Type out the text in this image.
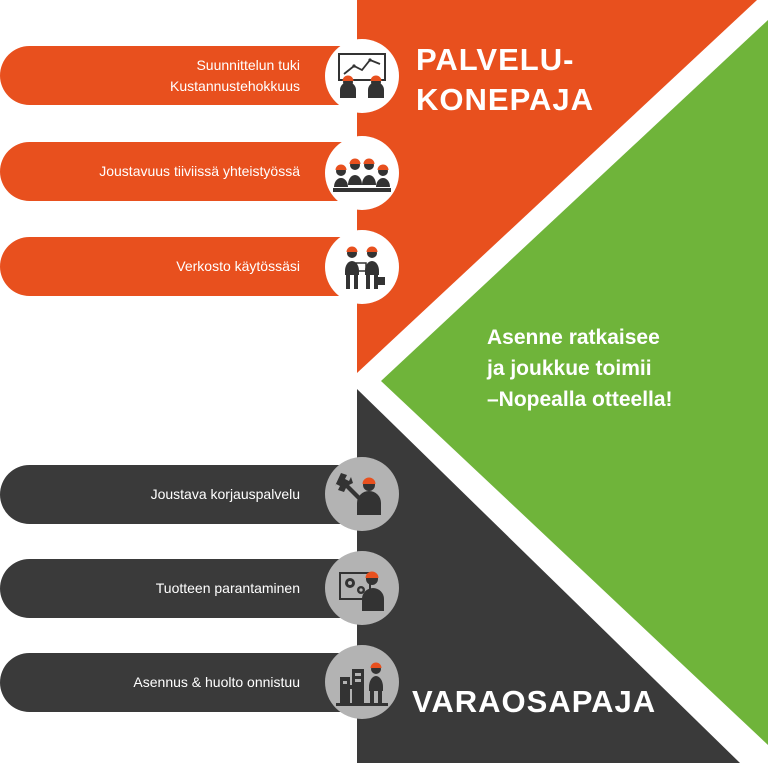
PALVELU-
KONEPAJA
Asenne ratkaisee
ja joukkue toimii
–Nopealla otteella!
VARAOSAPAJA
Suunnittelun tuki
Kustannustehokkuus
Joustavuus tiiviissä yhteistyössä
Verkosto käytössäsi
Joustava korjauspalvelu
Tuotteen parantaminen
Asennus & huolto onnistuu
